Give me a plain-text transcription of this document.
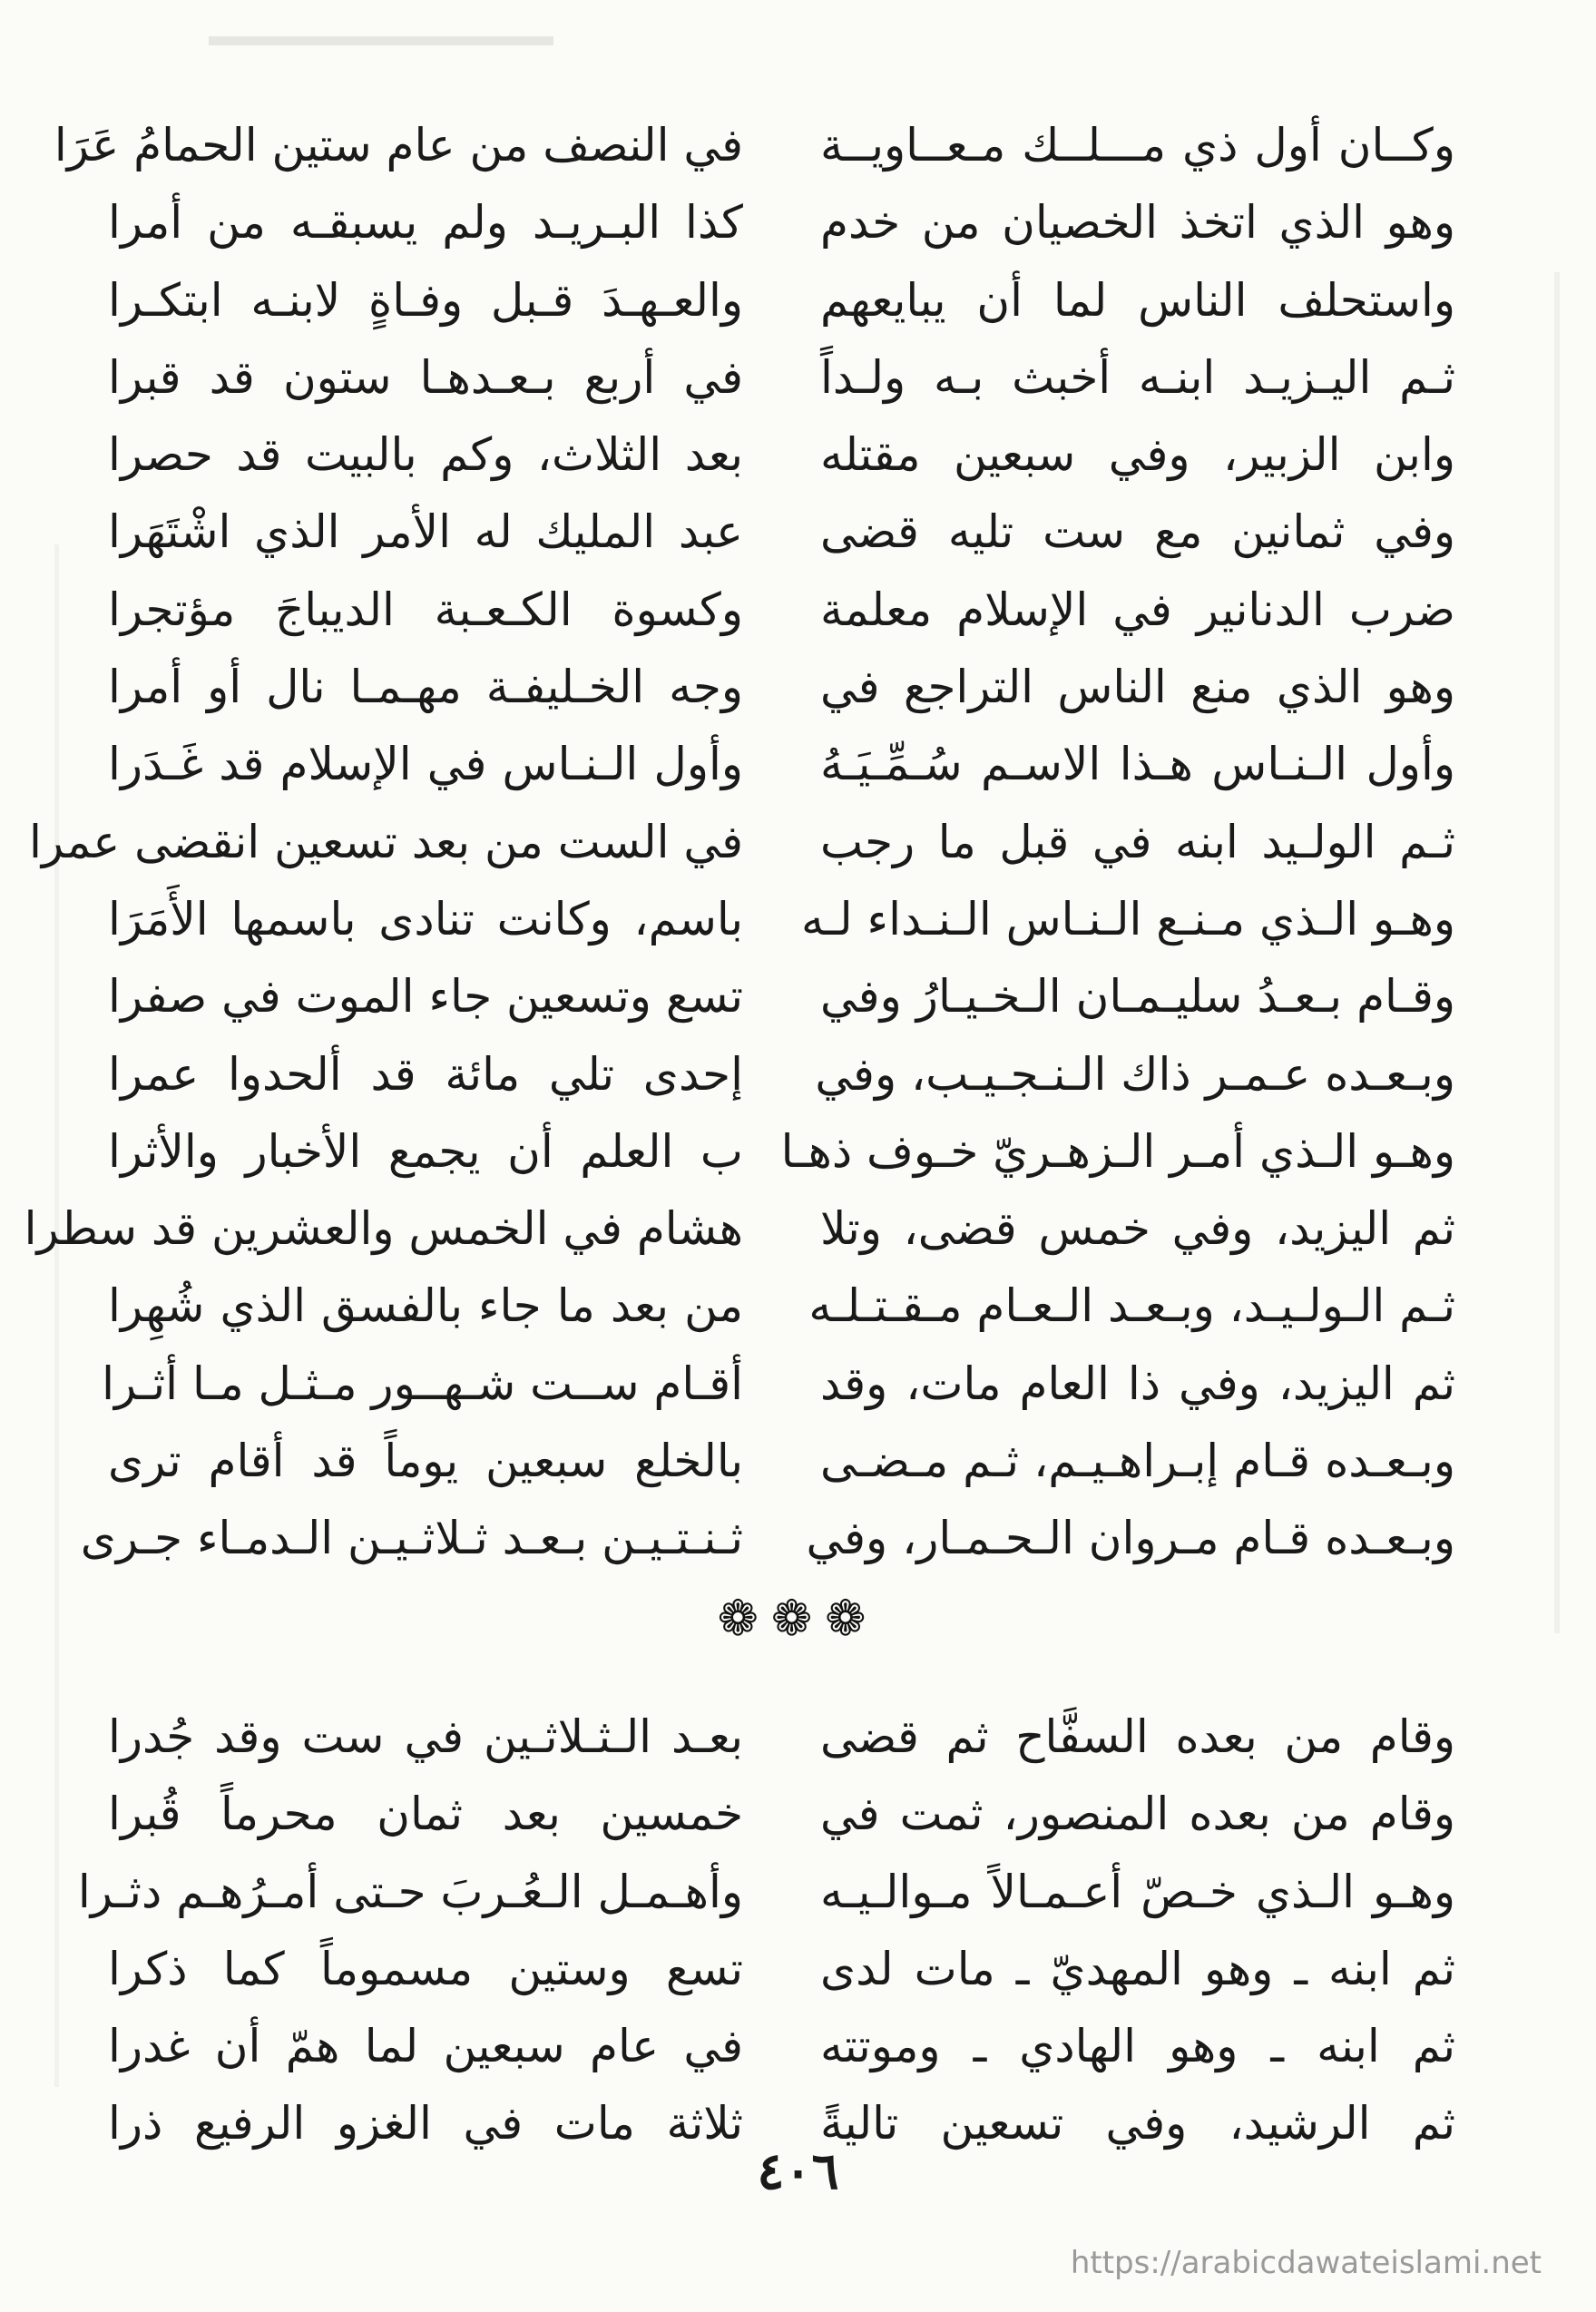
وكــان أول ذي مـــلــك مـعــاويــة
في النصف من عام ستين الحمامُ عَرَا
وهو الذي اتخذ الخصيان من خدم
كذا البـريـد ولم يسبقـه من أمرا
واستحلف الناس لما أن يبايعهم
والعـهـدَ قـبل وفـاةٍ لابنـه ابتكـرا
ثـم اليـزيـد ابنـه أخبث بـه ولـداً
في أربع بـعـدهـا ستون قد قبرا
وابن الزبير، وفي سبعين مقتله
بعد الثلاث، وكم بالبيت قد حصرا
وفي ثمانين مع ست تليه قضى
عبد المليك له الأمر الذي اشْتَهَرا
ضرب الدنانير في الإسلام معلمة
وكسوة الكـعـبة الديباجَ مؤتجرا
وهو الذي منع الناس التراجع في
وجه الخـليفـة مهـمـا نال أو أمرا
وأول الـنـاس هـذا الاسـم سُـمِّـيَـهُ
وأول الـنـاس في الإسلام قد غَـدَرا
ثـم الولـيد ابنه في قبل ما رجب
في الست من بعد تسعين انقضى عمرا
وهـو الـذي مـنـع الـنـاس الـنـداء لـه
باسم، وكانت تنادى باسمها الأَمَرَا
وقـام بـعـدُ سليـمـان الـخـيـارُ وفي
تسع وتسعين جاء الموت في صفرا
وبـعـده عـمـر ذاك الـنـجـيـب، وفي
إحدى تلي مائة قد ألحدوا عمرا
وهـو الـذي أمـر الـزهـريّ خـوف ذهـا
ب العلم أن يجمع الأخبار والأثرا
ثم اليزيد، وفي خمس قضى، وتلا
هشام في الخمس والعشرين قد سطرا
ثـم الـولـيـد، وبـعـد الـعـام مـقـتـلـه
من بعد ما جاء بالفسق الذي شُهِرا
ثم اليزيد، وفي ذا العام مات، وقد
أقـام ســت شـهــور مـثـل مـا أثـرا
وبـعـده قـام إبـراهـيـم، ثـم مـضـى
بالخلع سبعين يوماً قد أقام ترى
وبـعـده قـام مـروان الـحـمـار، وفي
ثـنـتـيـن بـعـد ثـلاثـيـن الـدمـاء جـرى
❁❁❁
وقام من بعده السفَّاح ثم قضى
بعـد الـثـلاثـين في ست وقد جُدرا
وقام من بعده المنصور، ثمت في
خمسين بعد ثمان محرماً قُبرا
وهـو الـذي خـصّ أعـمـالاً مـوالـيـه
وأهـمـل الـعُـربَ حـتى أمـرُهـم دثـرا
ثم ابنه ـ وهو المهديّ ـ مات لدى
تسع وستين مسموماً كما ذكرا
ثم ابنه ـ وهو الهادي ـ وموتته
في عام سبعين لما همّ أن غدرا
ثم الرشيد، وفي تسعين تاليةً
ثلاثة مات في الغزو الرفيع ذرا
٤٠٦
https://arabicdawateislami.net
